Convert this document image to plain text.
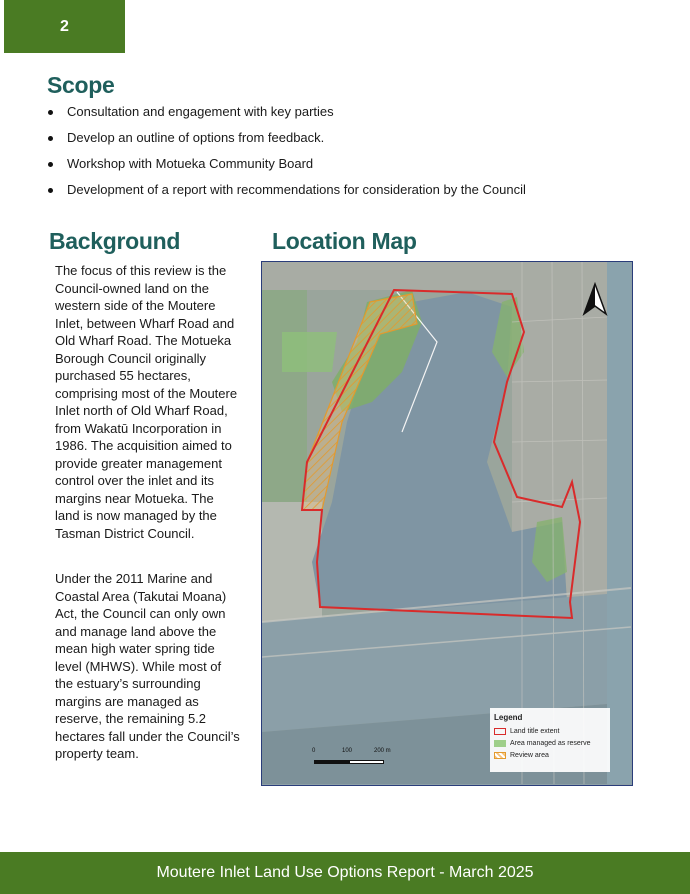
2
Scope
Consultation and engagement with key parties
Develop an outline of options from feedback.
Workshop with Motueka Community Board
Development of a report with recommendations for consideration by the Council
Background

The focus of this review is the Council-owned land on the western side of the Moutere Inlet, between Wharf Road and Old Wharf Road. The Motueka Borough Council originally purchased 55 hectares, comprising most of the Moutere Inlet north of Old Wharf Road, from Wakatū Incorporation in 1986. The acquisition aimed to provide greater management control over the inlet and its margins near Motueka. The land is now managed by the Tasman District Council.

Under the 2011 Marine and Coastal Area (Takutai Moana) Act, the Council can only own and manage land above the mean high water spring tide level (MHWS). While most of the estuary’s surrounding margins are managed as reserve, the remaining 5.2 hectares fall under the Council’s property team.

Location Map
0	100	200 m
Legend
Land title extent
Area managed as reserve
Review area
Moutere Inlet Land Use Options Report - March 2025
